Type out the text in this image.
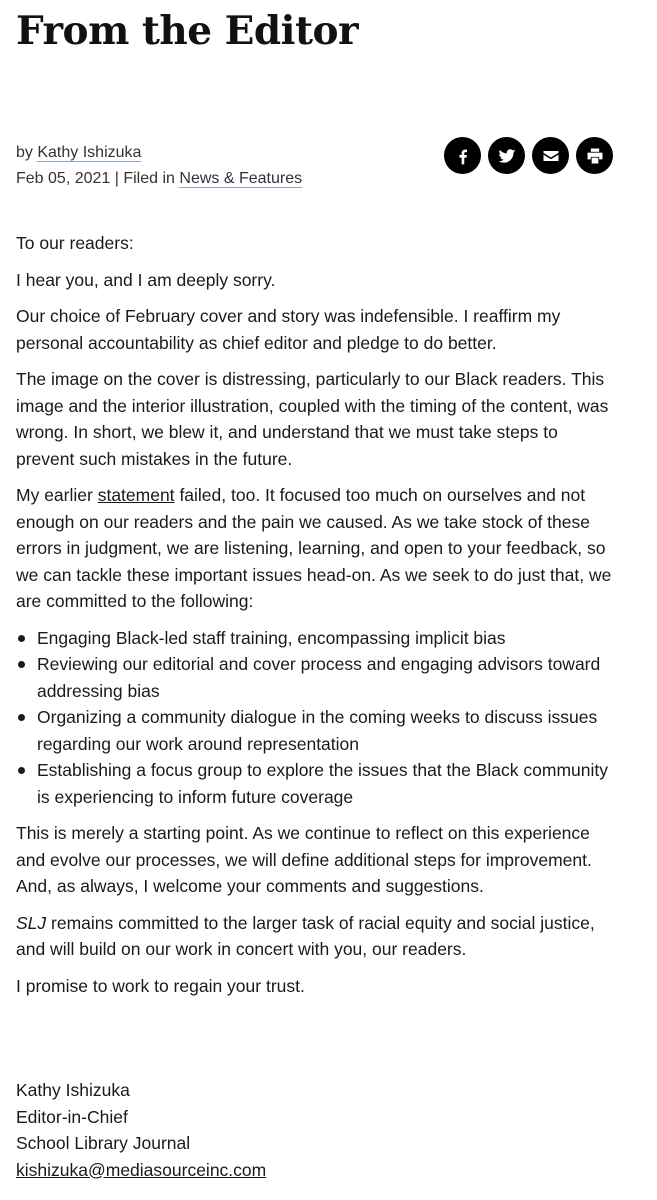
From the Editor
by Kathy Ishizuka
Feb 05, 2021 | Filed in News & Features

To our readers:

I hear you, and I am deeply sorry.

Our choice of February cover and story was indefensible. I reaffirm my personal accountability as chief editor and pledge to do better.

The image on the cover is distressing, particularly to our Black readers. This image and the interior illustration, coupled with the timing of the content, was wrong. In short, we blew it, and understand that we must take steps to prevent such mistakes in the future.

My earlier statement failed, too. It focused too much on ourselves and not enough on our readers and the pain we caused. As we take stock of these errors in judgment, we are listening, learning, and open to your feedback, so we can tackle these important issues head-on. As we seek to do just that, we are committed to the following:

Engaging Black-led staff training, encompassing implicit bias
Reviewing our editorial and cover process and engaging advisors toward addressing bias
Organizing a community dialogue in the coming weeks to discuss issues regarding our work around representation
Establishing a focus group to explore the issues that the Black community is experiencing to inform future coverage

This is merely a starting point. As we continue to reflect on this experience and evolve our processes, we will define additional steps for improvement. And, as always, I welcome your comments and suggestions.

SLJ remains committed to the larger task of racial equity and social justice, and will build on our work in concert with you, our readers.

I promise to work to regain your trust.

Kathy Ishizuka
Editor-in-Chief
School Library Journal
kishizuka@mediasourceinc.com
